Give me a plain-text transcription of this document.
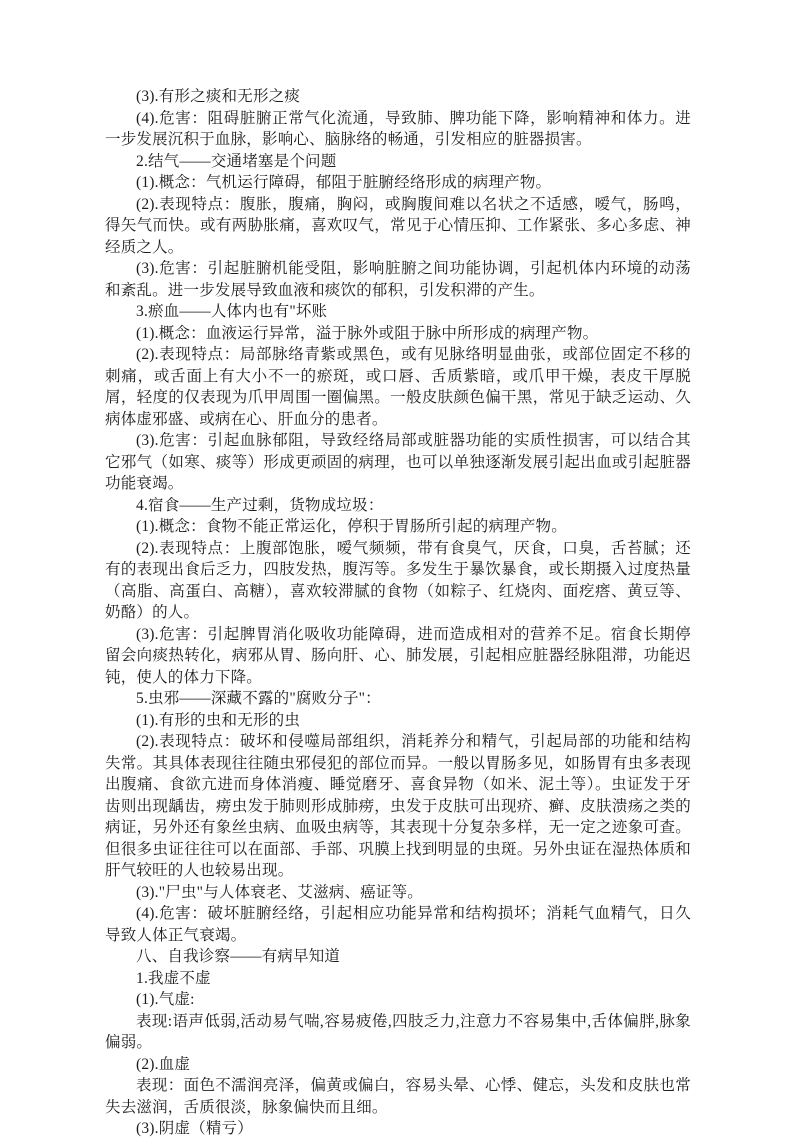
(3).有形之痰和无形之痰

(4).危害：阻碍脏腑正常气化流通，导致肺、脾功能下降，影响精神和体力。进一步发展沉积于血脉，影响心、脑脉络的畅通，引发相应的脏器损害。

2.结气——交通堵塞是个问题

(1).概念：气机运行障碍，郁阻于脏腑经络形成的病理产物。

(2).表现特点：腹胀，腹痛，胸闷，或胸腹间难以名状之不适感，嗳气，肠鸣，得矢气而快。或有两胁胀痛，喜欢叹气，常见于心情压抑、工作紧张、多心多虑、神经质之人。

(3).危害：引起脏腑机能受阻，影响脏腑之间功能协调，引起机体内环境的动荡和紊乱。进一步发展导致血液和痰饮的郁积，引发积滞的产生。

3.瘀血——人体内也有"坏账

(1).概念：血液运行异常，溢于脉外或阻于脉中所形成的病理产物。

(2).表现特点：局部脉络青紫或黑色，或有见脉络明显曲张，或部位固定不移的刺痛，或舌面上有大小不一的瘀斑，或口唇、舌质紫暗，或爪甲干燥，表皮干厚脱屑，轻度的仅表现为爪甲周围一圈偏黑。一般皮肤颜色偏干黑，常见于缺乏运动、久病体虚邪盛、或病在心、肝血分的患者。

(3).危害：引起血脉郁阻，导致经络局部或脏器功能的实质性损害，可以结合其它邪气（如寒、痰等）形成更顽固的病理，也可以单独逐渐发展引起出血或引起脏器功能衰竭。

4.宿食——生产过剩，货物成垃圾：

(1).概念：食物不能正常运化，停积于胃肠所引起的病理产物。

(2).表现特点：上腹部饱胀，嗳气频频，带有食臭气，厌食，口臭，舌苔腻；还有的表现出食后乏力，四肢发热，腹泻等。多发生于暴饮暴食，或长期摄入过度热量（高脂、高蛋白、高糖），喜欢较滞腻的食物（如粽子、红烧肉、面疙瘩、黄豆等、奶酪）的人。

(3).危害：引起脾胃消化吸收功能障碍，进而造成相对的营养不足。宿食长期停留会向痰热转化，病邪从胃、肠向肝、心、肺发展，引起相应脏器经脉阻滞，功能迟钝，使人的体力下降。

5.虫邪——深藏不露的"腐败分子"：

(1).有形的虫和无形的虫

(2).表现特点：破坏和侵噬局部组织，消耗养分和精气，引起局部的功能和结构失常。其具体表现往往随虫邪侵犯的部位而异。一般以胃肠多见，如肠胃有虫多表现出腹痛、食欲亢进而身体消瘦、睡觉磨牙、喜食异物（如米、泥土等）。虫证发于牙齿则出现龋齿，痨虫发于肺则形成肺痨，虫发于皮肤可出现疥、癣、皮肤溃疡之类的病证，另外还有象丝虫病、血吸虫病等，其表现十分复杂多样，无一定之迹象可查。但很多虫证往往可以在面部、手部、巩膜上找到明显的虫斑。另外虫证在湿热体质和肝气较旺的人也较易出现。

(3)."尸虫"与人体衰老、艾滋病、癌证等。

(4).危害：破坏脏腑经络，引起相应功能异常和结构损坏；消耗气血精气，日久导致人体正气衰竭。

八、自我诊察——有病早知道

1.我虚不虚

(1).气虚:

表现:语声低弱,活动易气喘,容易疲倦,四肢乏力,注意力不容易集中,舌体偏胖,脉象偏弱。

(2).血虚

表现：面色不濡润亮泽，偏黄或偏白，容易头晕、心悸、健忘，头发和皮肤也常失去滋润，舌质很淡，脉象偏快而且细。

(3).阴虚（精亏）
